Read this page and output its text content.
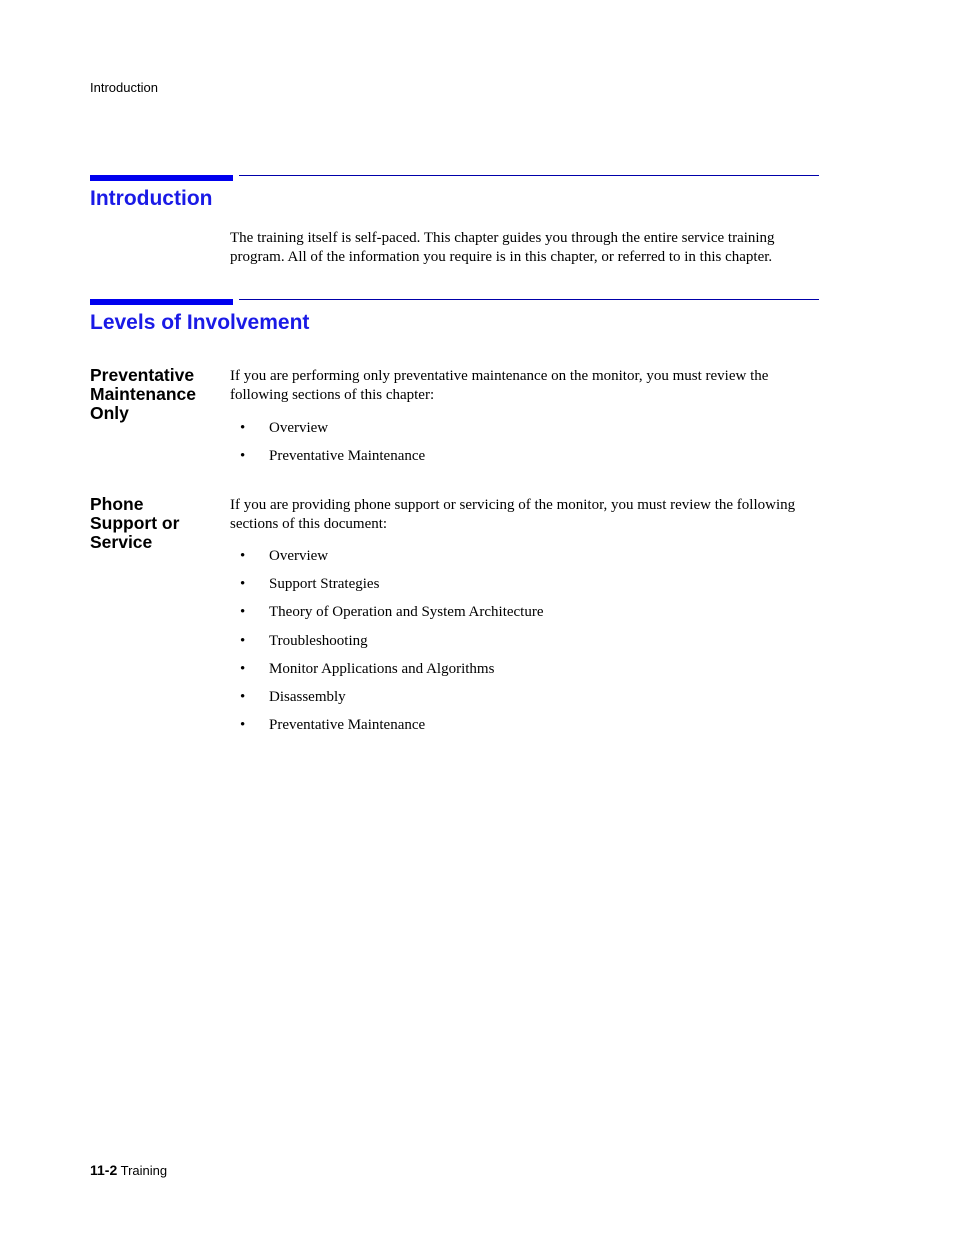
Introduction
Introduction

The training itself is self-paced. This chapter guides you through the entire service training program. All of the information you require is in this chapter, or referred to in this chapter.

Levels of Involvement
Preventative
Maintenance
Only

If you are performing only preventative maintenance on the monitor, you must review the following sections of this chapter:

• Overview
• Preventative Maintenance
Phone
Support or
Service

If you are providing phone support or servicing of the monitor, you must review the following sections of this document:

• Overview
• Support Strategies
• Theory of Operation and System Architecture
• Troubleshooting
• Monitor Applications and Algorithms
• Disassembly
• Preventative Maintenance
11-2 Training
